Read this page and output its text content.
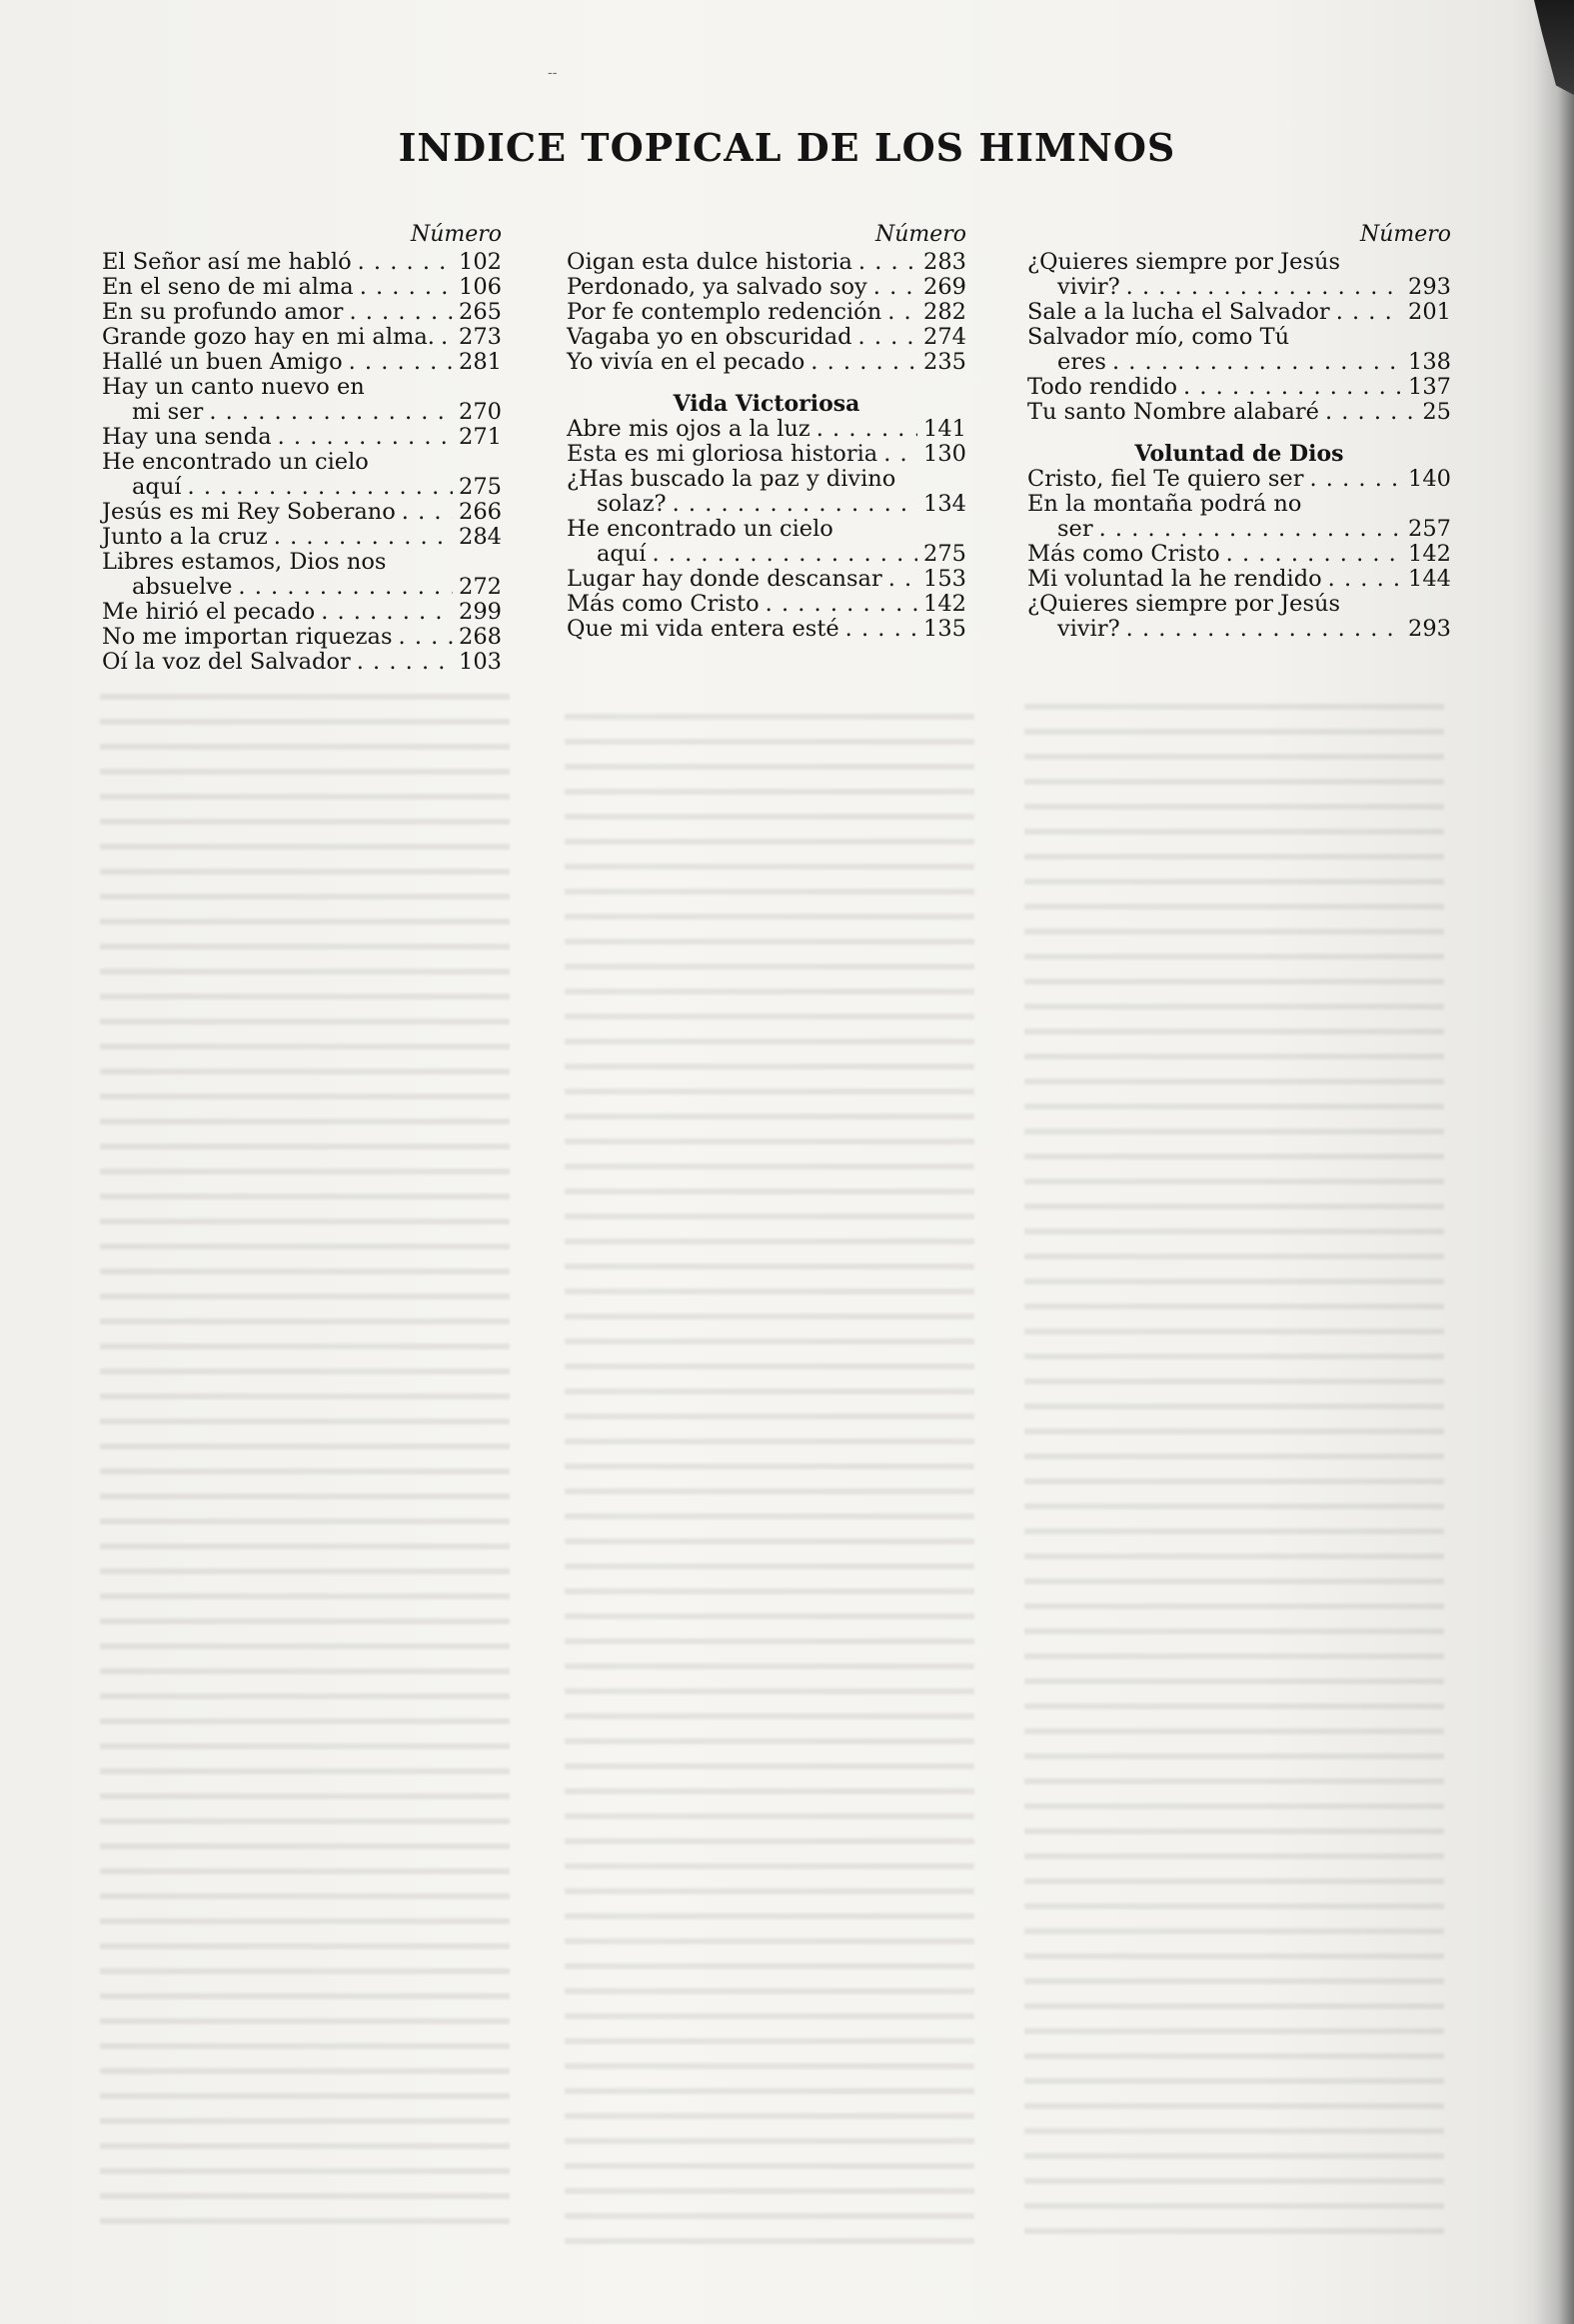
--
INDICE TOPICAL DE LOS HIMNOS
Número
El Señor así me habló . . .	102
En el seno de mi alma . . .	106
En su profundo amor . . .	265
Grande gozo hay en mi alma. . . . 273
Hallé un buen Amigo . . .	281
Hay un canto nuevo en
mi ser . . .	270
Hay una senda . . .	271
He encontrado un cielo
aquí . . .	275
Jesús es mi Rey Soberano . . .	266
Junto a la cruz . . .	284
Libres estamos, Dios nos
absuelve . . .	272
Me hirió el pecado . . .	299
No me importan riquezas . . .	268
Oí la voz del Salvador . . .	103
Número
Oigan esta dulce historia . . .	283
Perdonado, ya salvado soy . . .	269
Por fe contemplo redención . . . 282
Vagaba yo en obscuridad . . .	274
Yo vivía en el pecado . . .	235
Vida Victoriosa
Abre mis ojos a la luz . . .	141
Esta es mi gloriosa historia . . . 130
¿Has buscado la paz y divino
solaz? . . .	134
He encontrado un cielo
aquí . . .	275
Lugar hay donde descansar . . . 153
Más como Cristo . . .	142
Que mi vida entera esté . . .	135
Número
¿Quieres siempre por Jesús
vivir? . . .	293
Sale a la lucha el Salvador . . .	201
Salvador mío, como Tú
eres . . .	138
Todo rendido . . .	137
Tu santo Nombre alabaré . . .	25
Voluntad de Dios
Cristo, fiel Te quiero ser . . .	140
En la montaña podrá no
ser . . .	257
Más como Cristo . . .	142
Mi voluntad la he rendido . . .	144
¿Quieres siempre por Jesús
vivir? . . .	293
